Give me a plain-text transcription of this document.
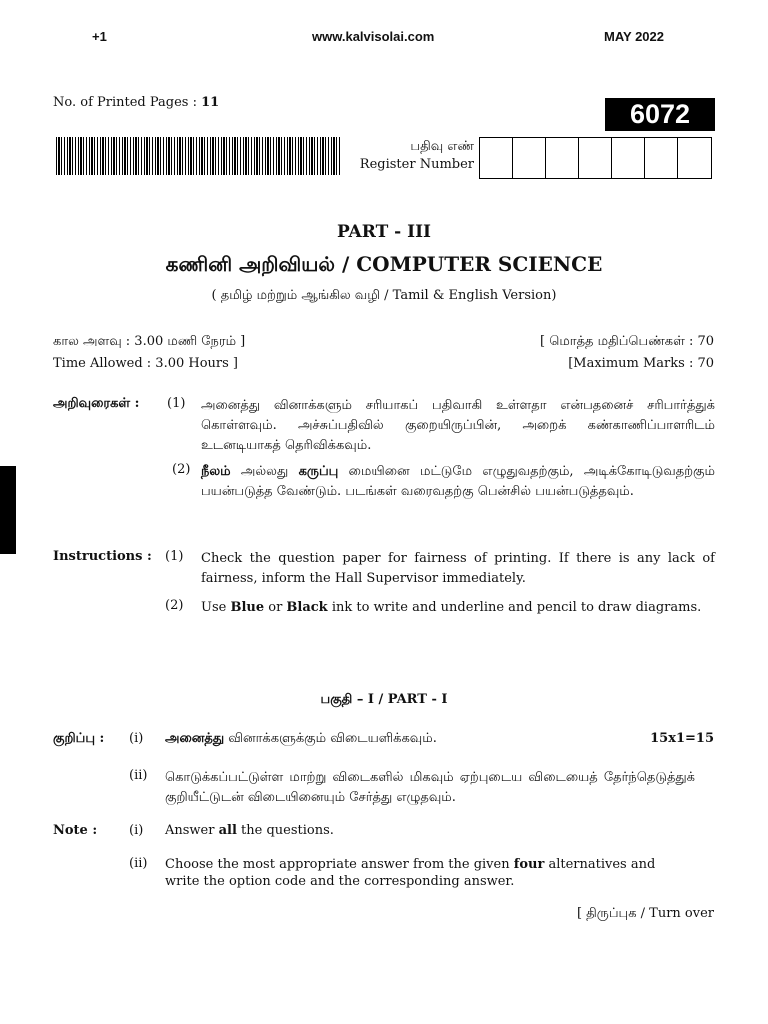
+1	www.kalvisolai.com	MAY 2022
No. of Printed Pages : 11	6072
பதிவு எண்
Register Number
PART - III
கணினி அறிவியல் / COMPUTER SCIENCE
( தமிழ் மற்றும் ஆங்கில வழி / Tamil & English Version)
கால அளவு : 3.00 மணி நேரம் ]
Time Allowed : 3.00 Hours ]
[ மொத்த மதிப்பெண்கள் : 70
[Maximum Marks : 70
அறிவுரைகள் : (1) அனைத்து வினாக்களும் சரியாகப் பதிவாகி உள்ளதா என்பதனைச் சரிபார்த்துக் கொள்ளவும். அச்சுப்பதிவில் குறையிருப்பின், அறைக் கண்காணிப்பாளரிடம் உடனடியாகத் தெரிவிக்கவும்.
(2) நீலம் அல்லது கருப்பு மையினை மட்டுமே எழுதுவதற்கும், அடிக்கோடிடுவதற்கும் பயன்படுத்த வேண்டும். படங்கள் வரைவதற்கு பென்சில் பயன்படுத்தவும்.
Instructions : (1) Check the question paper for fairness of printing. If there is any lack of fairness, inform the Hall Supervisor immediately.
(2) Use Blue or Black ink to write and underline and pencil to draw diagrams.
பகுதி – I / PART - I
குறிப்பு : (i) அனைத்து வினாக்களுக்கும் விடையளிக்கவும்.	15x1=15
(ii) கொடுக்கப்பட்டுள்ள மாற்று விடைகளில் மிகவும் ஏற்புடைய விடையைத் தேர்ந்தெடுத்துக் குறியீட்டுடன் விடையினையும் சேர்த்து எழுதவும்.
Note : (i) Answer all the questions.
(ii) Choose the most appropriate answer from the given four alternatives and write the option code and the corresponding answer.
[ திருப்புக / Turn over
